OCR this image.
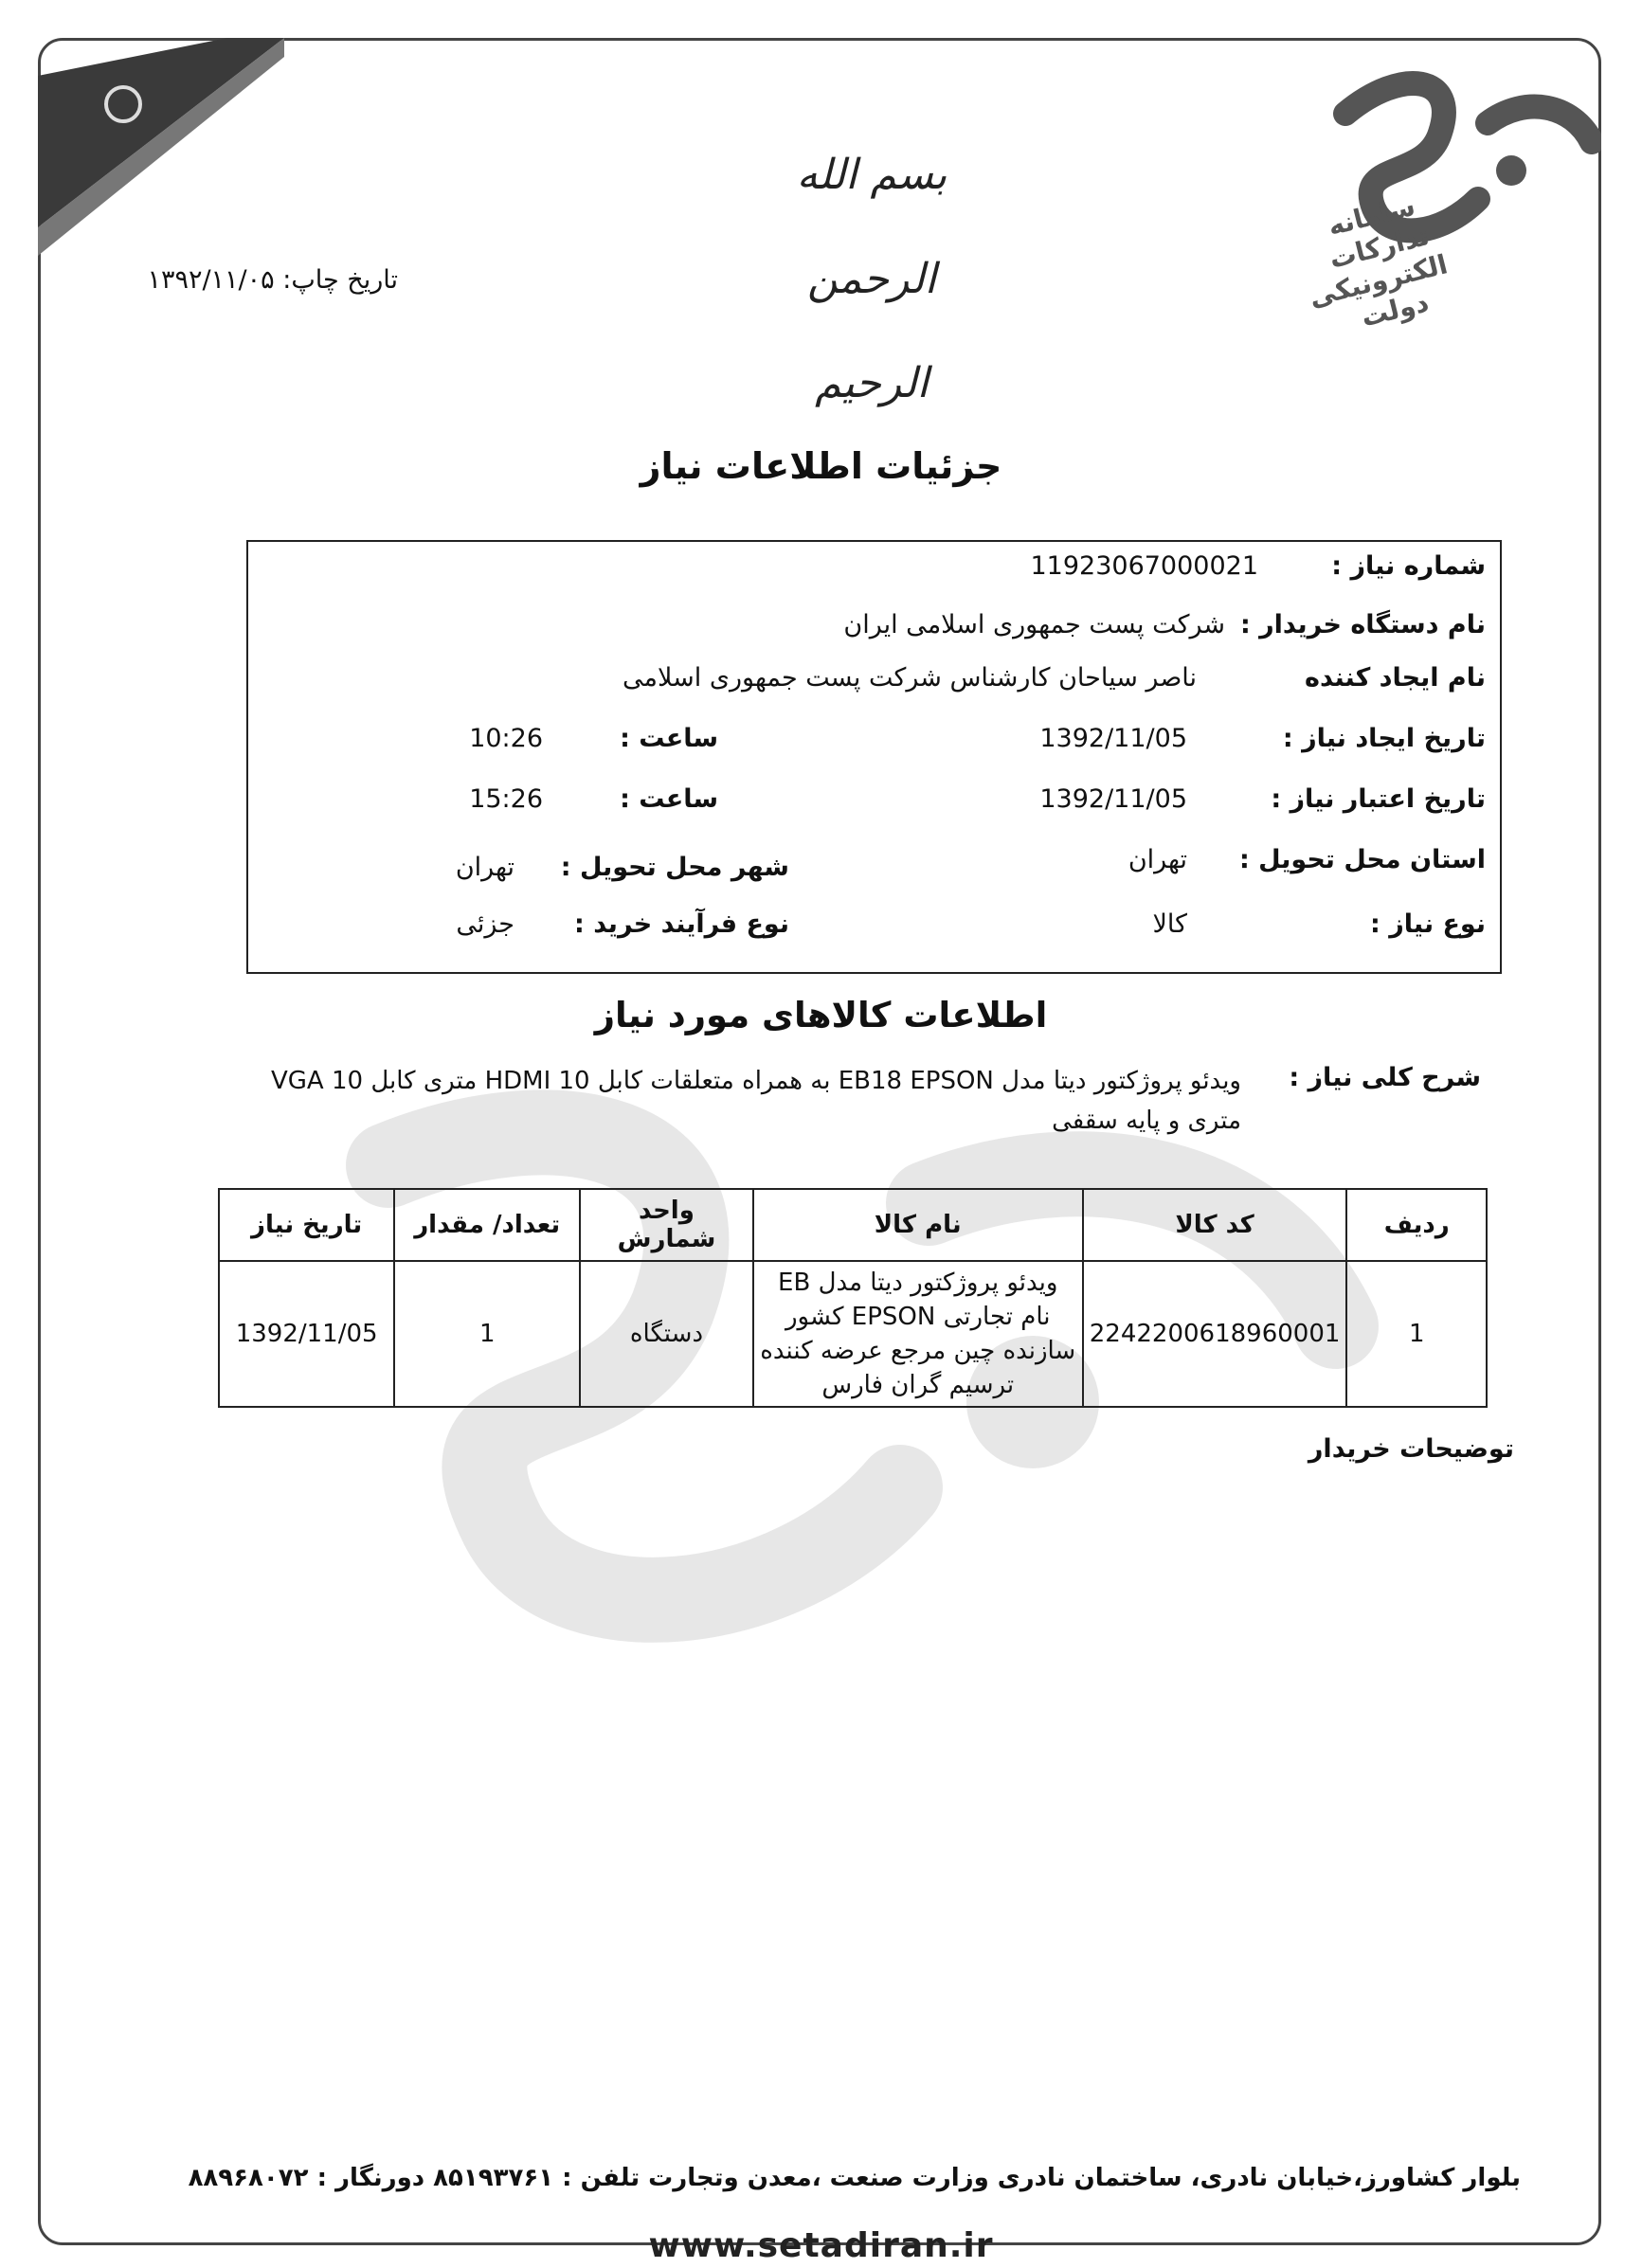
سامانه تدارکات الکترونیکی دولت
بسم الله الرحمن الرحیم
تاریخ چاپ: ۱۳۹۲/۱۱/۰۵
جزئیات اطلاعات نیاز
شماره نیاز :
11923067000021
نام دستگاه خریدار :
شرکت پست جمهوری اسلامی ایران
نام ایجاد کننده
ناصر سیاحان کارشناس شرکت پست جمهوری اسلامی
تاریخ ایجاد نیاز :
1392/11/05
ساعت :
10:26
تاریخ اعتبار نیاز :
1392/11/05
ساعت :
15:26
استان محل تحویل :
تهران
شهر محل تحویل :
تهران
نوع نیاز :
کالا
نوع فرآیند خرید :
جزئی
اطلاعات کالاهای مورد نیاز
شرح کلی نیاز :
ویدئو پروژکتور دیتا مدل EB18 EPSON به همراه متعلقات کابل HDMI 10 متری کابل VGA 10 متری و پایه سقفی
ردیف	کد کالا	نام کالا	واحد شمارش	تعداد/ مقدار	تاریخ نیاز
1	2242200618960001	ویدئو پروژکتور دیتا مدل EB نام تجارتی EPSON کشور سازنده چین مرجع عرضه کننده ترسیم گران فارس	دستگاه	1	1392/11/05
توضیحات خریدار
بلوار کشاورز،خیابان نادری، ساختمان نادری وزارت صنعت ،معدن وتجارت تلفن : ۸۵۱۹۳۷۶۱ دورنگار : ۸۸۹۶۸۰۷۲
www.setadiran.ir
